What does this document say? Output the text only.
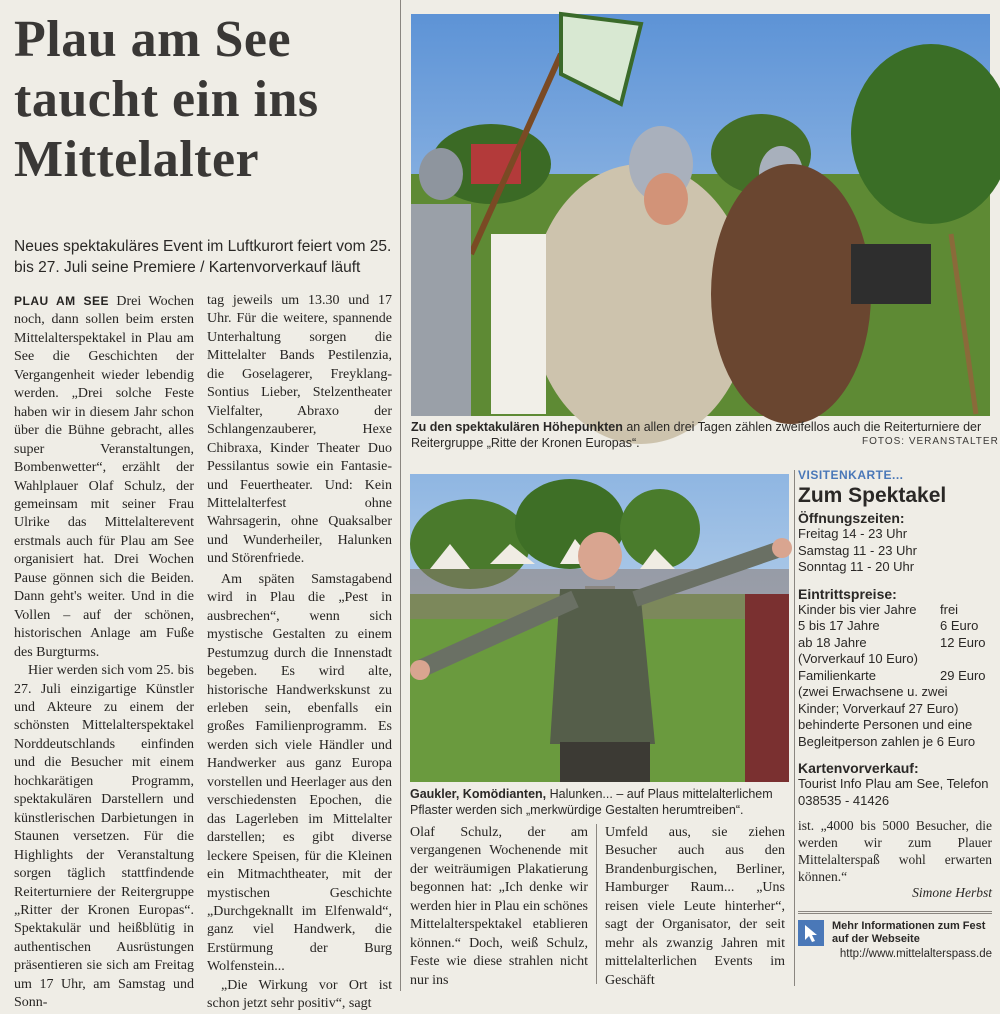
Plau am See taucht ein ins Mittelalter
Neues spektakuläres Event im Luftkurort feiert vom 25. bis 27. Juli seine Premiere / Kartenvorverkauf läuft

PLAU AM SEE Drei Wochen noch, dann sollen beim ersten Mittelalterspektakel in Plau am See die Geschichten der Vergangenheit wieder lebendig werden. „Drei solche Feste haben wir in diesem Jahr schon über die Bühne gebracht, alles super Veranstaltungen, Bombenwetter“, erzählt der Wahlplauer Olaf Schulz, der gemeinsam mit seiner Frau Ulrike das Mittelalterevent erstmals auch für Plau am See organisiert hat. Drei Wochen Pause gönnen sich die Beiden. Dann geht's weiter. Und in die Vollen – auf der schönen, historischen Anlage am Fuße des Burgturms.

Hier werden sich vom 25. bis 27. Juli einzigartige Künstler und Akteure zu einem der schönsten Mittelalterspektakel Norddeutschlands einfinden und die Besucher mit einem hochkarätigen Programm, spektakulären Darstellern und künstlerischen Darbietungen in Staunen versetzen. Für die Highlights der Veranstaltung sorgen täglich stattfindende Reiterturniere der Reitergruppe „Ritter der Kronen Europas“. Spektakulär und heißblütig in authentischen Ausrüstungen präsentieren sie sich am Freitag um 17 Uhr, am Samstag und Sonn-

tag jeweils um 13.30 und 17 Uhr. Für die weitere, spannende Unterhaltung sorgen die Mittelalter Bands Pestilenzia, die Goselagerer, Freyklang-Sontius Lieber, Stelzentheater Vielfalter, Abraxo der Schlangenzauberer, Hexe Chibraxa, Kinder Theater Duo Pessilantus sowie ein Fantasie- und Feuertheater. Und: Kein Mittelalterfest ohne Wahrsagerin, ohne Quaksalber und Wunderheiler, Halunken und Störenfriede.

Am späten Samstagabend wird in Plau die „Pest in ausbrechen“, wenn sich mystische Gestalten zu einem Pestumzug durch die Innenstadt begeben. Es wird alte, historische Handwerkskunst zu erleben sein, ebenfalls ein großes Familienprogramm. Es werden sich viele Händler und Handwerker aus ganz Europa vorstellen und Heerlager aus den verschiedensten Epochen, die das Lagerleben im Mittelalter darstellen; es gibt diverse leckere Speisen, für die Kleinen ein Mitmachtheater, mit der mystischen Geschichte „Durchgeknallt im Elfenwald“, ganz viel Handwerk, die Erstürmung der Burg Wolfenstein...

„Die Wirkung vor Ort ist schon jetzt sehr positiv“, sagt

Zu den spektakulären Höhepunkten an allen drei Tagen zählen zweifellos auch die Reiterturniere der Reitergruppe „Ritte der Kronen Europas“.	FOTOS: VERANSTALTER
Gaukler, Komödianten, Halunken... – auf Plaus mittelalterlichem Pflaster werden sich „merkwürdige Gestalten herumtreiben“.

Olaf Schulz, der am vergangenen Wochenende mit der weiträumigen Plakatierung begonnen hat: „Ich denke wir werden hier in Plau ein schönes Mittelalterspektakel etablieren können.“ Doch, weiß Schulz, Feste wie diese strahlen nicht nur ins

Umfeld aus, sie ziehen Besucher auch aus den Brandenburgischen, Berliner, Hamburger Raum... „Uns reisen viele Leute hinterher“, sagt der Organisator, der seit mehr als zwanzig Jahren mit mittelalterlichen Events im Geschäft

VISITENKARTE...
Zum Spektakel
Öffnungszeiten:
Freitag 14 - 23 Uhr
Samstag 11 - 23 Uhr
Sonntag 11 - 20 Uhr
Eintrittspreise:
Kinder bis vier Jahre frei
5 bis 17 Jahre	6 Euro
ab 18 Jahre	12 Euro
(Vorverkauf 10 Euro)
Familienkarte	29 Euro
(zwei Erwachsene u. zwei Kinder; Vorverkauf 27 Euro) behinderte Personen und eine Begleitperson zahlen je 6 Euro
Kartenvorverkauf:
Tourist Info Plau am See, Telefon 038535 - 41426
ist. „4000 bis 5000 Besucher, die werden wir zum Plauer Mittelalterspaß wohl erwarten können.“
Simone Herbst
Mehr Informationen zum Fest auf der Webseite
http://www.mittelalterspass.de
